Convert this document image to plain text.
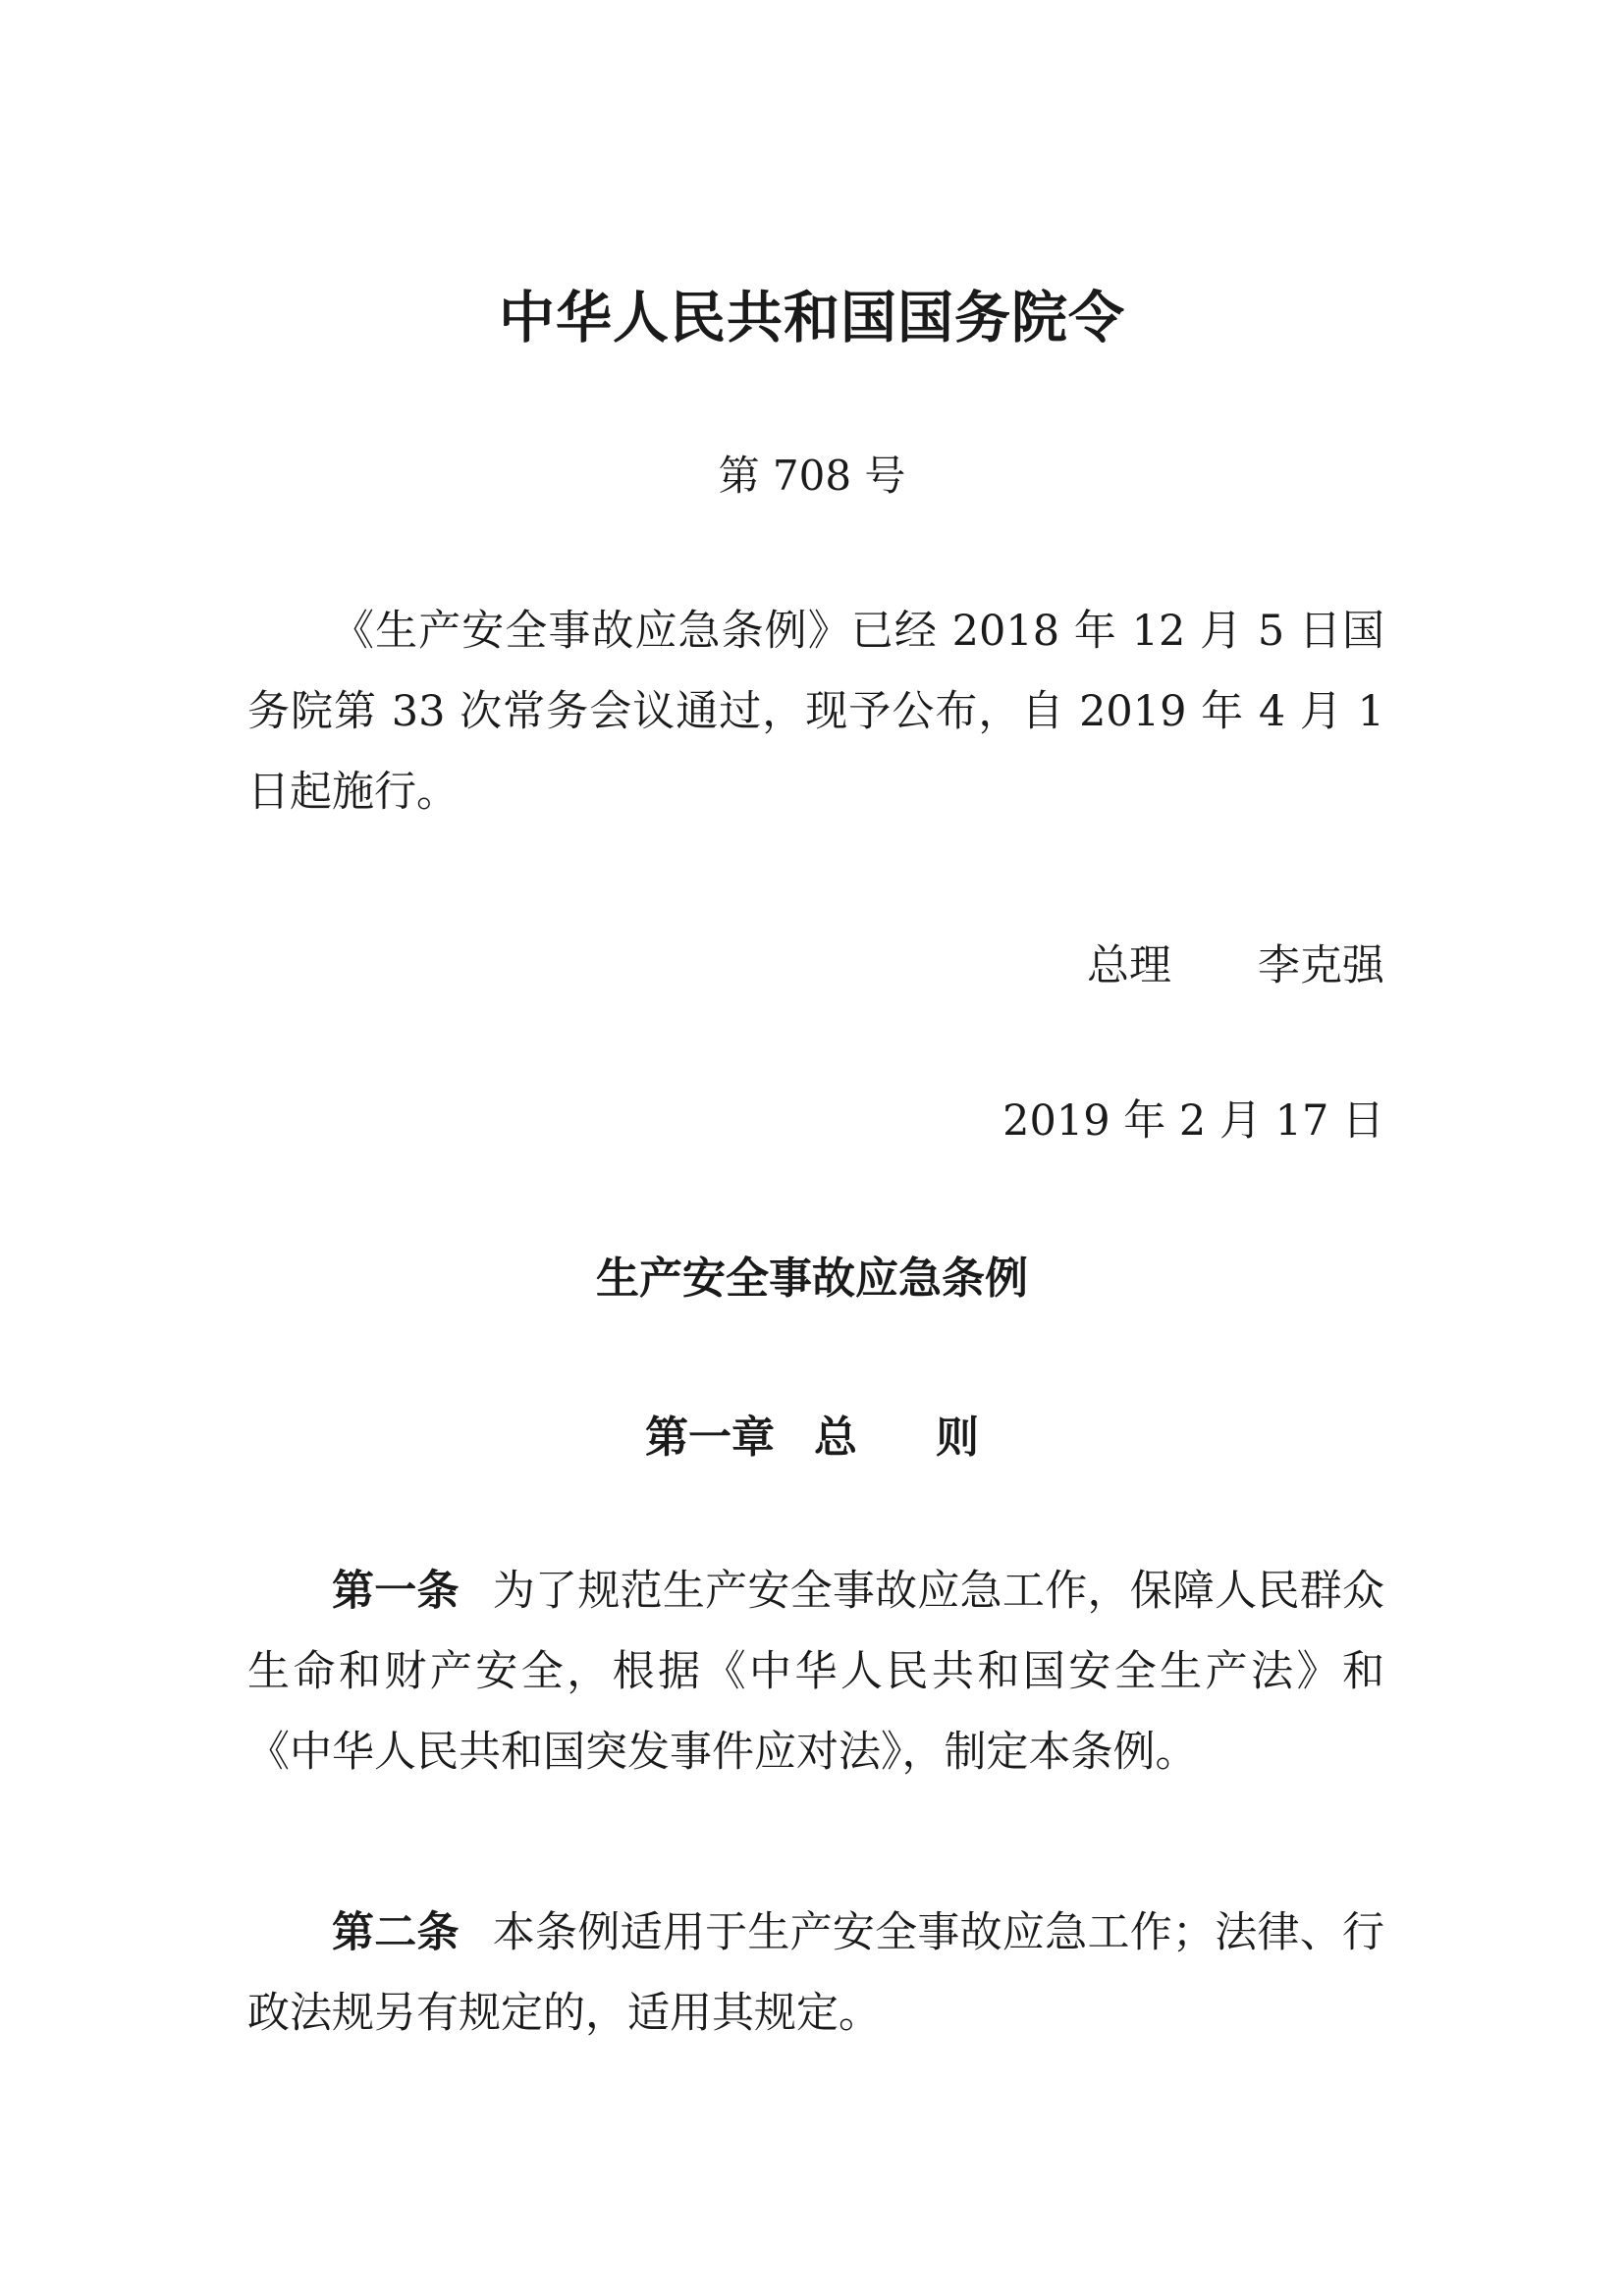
中华人民共和国国务院令
第 708 号
《生产安全事故应急条例》已经 2018 年 12 月 5 日国务院第 33 次常务会议通过，现予公布，自 2019 年 4 月 1 日起施行。
总理 李克强
2019 年 2 月 17 日
生产安全事故应急条例
第一章 总 则
第一条 为了规范生产安全事故应急工作，保障人民群众生命和财产安全，根据《中华人民共和国安全生产法》和《中华人民共和国突发事件应对法》，制定本条例。
第二条 本条例适用于生产安全事故应急工作；法律、行政法规另有规定的，适用其规定。
